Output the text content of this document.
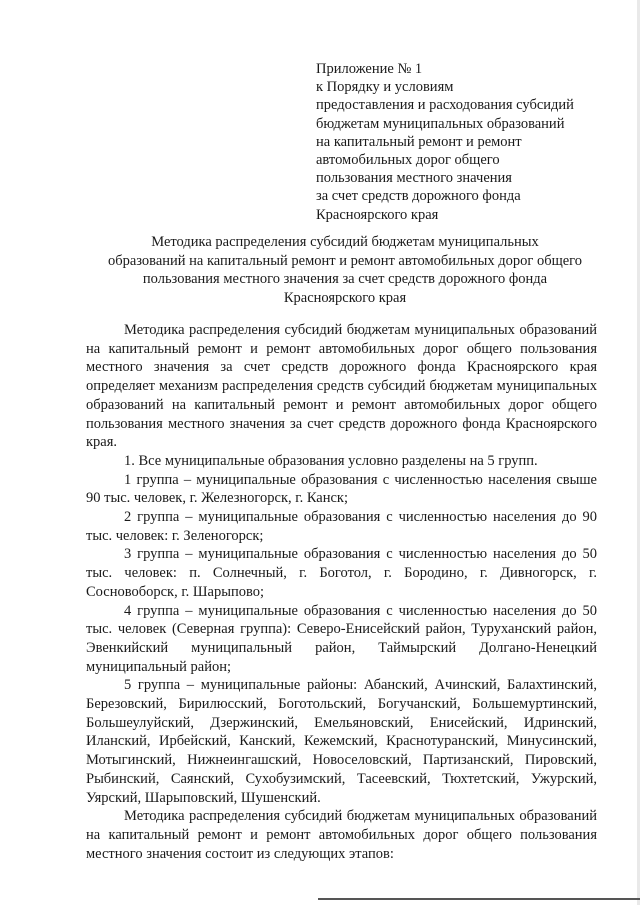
Приложение № 1
к Порядку и условиям
предоставления и расходования субсидий
бюджетам муниципальных образований
на капитальный ремонт и ремонт
автомобильных дорог общего
пользования местного значения
за счет средств дорожного фонда
Красноярского края
Методика распределения субсидий бюджетам муниципальных
образований на капитальный ремонт и ремонт автомобильных дорог общего
пользования местного значения за счет средств дорожного фонда
Красноярского края

Методика распределения субсидий бюджетам муниципальных образований на капитальный ремонт и ремонт автомобильных дорог общего пользования местного значения за счет средств дорожного фонда Красноярского края определяет механизм распределения средств субсидий бюджетам муниципальных образований на капитальный ремонт и ремонт автомобильных дорог общего пользования местного значения за счет средств дорожного фонда Красноярского края.

1. Все муниципальные образования условно разделены на 5 групп.

1 группа – муниципальные образования с численностью населения свыше 90 тыс. человек, г. Железногорск, г. Канск;

2 группа – муниципальные образования с численностью населения до 90 тыс. человек: г. Зеленогорск;

3 группа – муниципальные образования с численностью населения до 50 тыс. человек: п. Солнечный, г. Боготол, г. Бородино, г. Дивногорск, г. Сосновоборск, г. Шарыпово;

4 группа – муниципальные образования с численностью населения до 50 тыс. человек (Северная группа): Северо-Енисейский район, Туруханский район, Эвенкийский муниципальный район, Таймырский Долгано-Ненецкий муниципальный район;

5 группа – муниципальные районы: Абанский, Ачинский, Балахтинский, Березовский, Бирилюсский, Боготольский, Богучанский, Большемуртинский, Большеулуйский, Дзержинский, Емельяновский, Енисейский, Идринский, Иланский, Ирбейский, Канский, Кежемский, Краснотуранский, Минусинский, Мотыгинский, Нижнеингашский, Новоселовский, Партизанский, Пировский, Рыбинский, Саянский, Сухобузимский, Тасеевский, Тюхтетский, Ужурский, Уярский, Шарыповский, Шушенский.

Методика распределения субсидий бюджетам муниципальных образований на капитальный ремонт и ремонт автомобильных дорог общего пользования местного значения состоит из следующих этапов:
